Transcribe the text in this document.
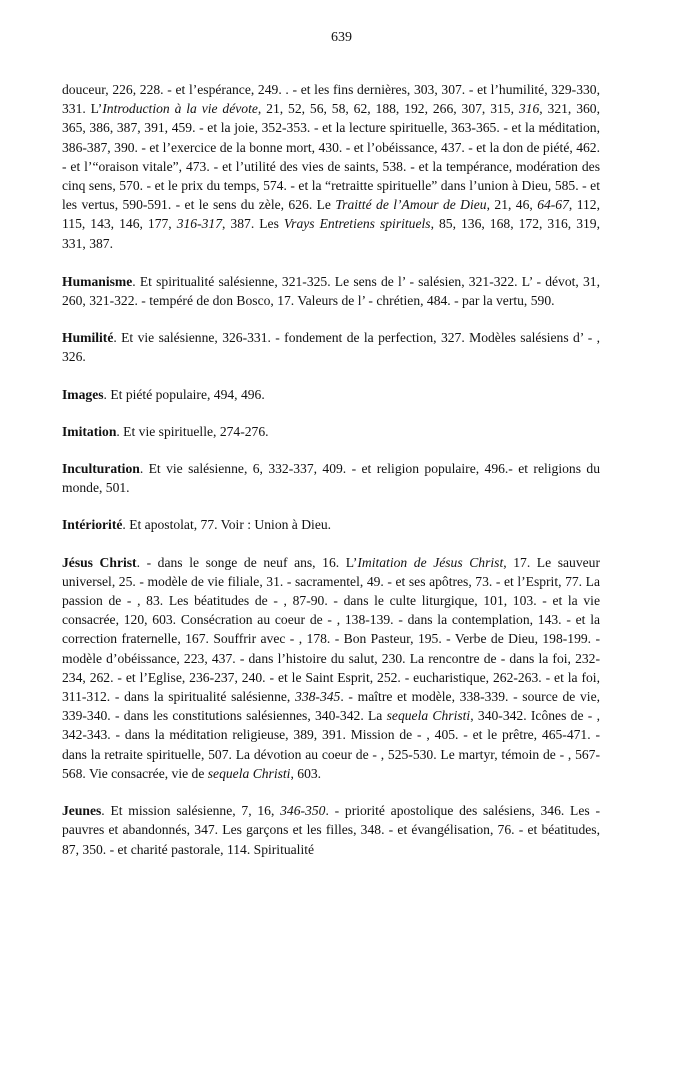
639

douceur, 226, 228. - et l’espérance, 249. . - et les fins dernières, 303, 307. - et l’humilité, 329-330, 331. L’Introduction à la vie dévote, 21, 52, 56, 58, 62, 188, 192, 266, 307, 315, 316, 321, 360, 365, 386, 387, 391, 459. - et la joie, 352-353. - et la lecture spirituelle, 363-365. - et la méditation, 386-387, 390. - et l’exercice de la bonne mort, 430. - et l’obéissance, 437. - et la don de piété, 462. - et l’“oraison vitale”, 473. - et l’utilité des vies de saints, 538. - et la tempérance, modération des cinq sens, 570. - et le prix du temps, 574. - et la “retraitte spirituelle” dans l’union à Dieu, 585. - et les vertus, 590-591. - et le sens du zèle, 626. Le Traitté de l’Amour de Dieu, 21, 46, 64-67, 112, 115, 143, 146, 177, 316-317, 387. Les Vrays Entretiens spirituels, 85, 136, 168, 172, 316, 319, 331, 387.

Humanisme. Et spiritualité salésienne, 321-325. Le sens de l’ - salésien, 321-322. L’ - dévot, 31, 260, 321-322. - tempéré de don Bosco, 17. Valeurs de l’ - chrétien, 484. - par la vertu, 590.

Humilité. Et vie salésienne, 326-331. - fondement de la perfection, 327. Modèles salésiens d’ - , 326.

Images. Et piété populaire, 494, 496.

Imitation. Et vie spirituelle, 274-276.

Inculturation. Et vie salésienne, 6, 332-337, 409. - et religion populaire, 496.- et religions du monde, 501.

Intériorité. Et apostolat, 77. Voir : Union à Dieu.

Jésus Christ. - dans le songe de neuf ans, 16. L’Imitation de Jésus Christ, 17. Le sauveur universel, 25. - modèle de vie filiale, 31. - sacramentel, 49. - et ses apôtres, 73. - et l’Esprit, 77. La passion de - , 83. Les béatitudes de - , 87-90. - dans le culte liturgique, 101, 103. - et la vie consacrée, 120, 603. Consécration au coeur de - , 138-139. - dans la contemplation, 143. - et la correction fraternelle, 167. Souffrir avec - , 178. - Bon Pasteur, 195. - Verbe de Dieu, 198-199. - modèle d’obéissance, 223, 437. - dans l’histoire du salut, 230. La rencontre de - dans la foi, 232-234, 262. - et l’Eglise, 236-237, 240. - et le Saint Esprit, 252. - eucharistique, 262-263. - et la foi, 311-312. - dans la spiritualité salésienne, 338-345. - maître et modèle, 338-339. - source de vie, 339-340. - dans les constitutions salésiennes, 340-342. La sequela Christi, 340-342. Icônes de - , 342-343. - dans la méditation religieuse, 389, 391. Mission de - , 405. - et le prêtre, 465-471. - dans la retraite spirituelle, 507. La dévotion au coeur de - , 525-530. Le martyr, témoin de - , 567-568. Vie consacrée, vie de sequela Christi, 603.

Jeunes. Et mission salésienne, 7, 16, 346-350. - priorité apostolique des salésiens, 346. Les - pauvres et abandonnés, 347. Les garçons et les filles, 348. - et évangélisation, 76. - et béatitudes, 87, 350. - et charité pastorale, 114. Spiritualité
